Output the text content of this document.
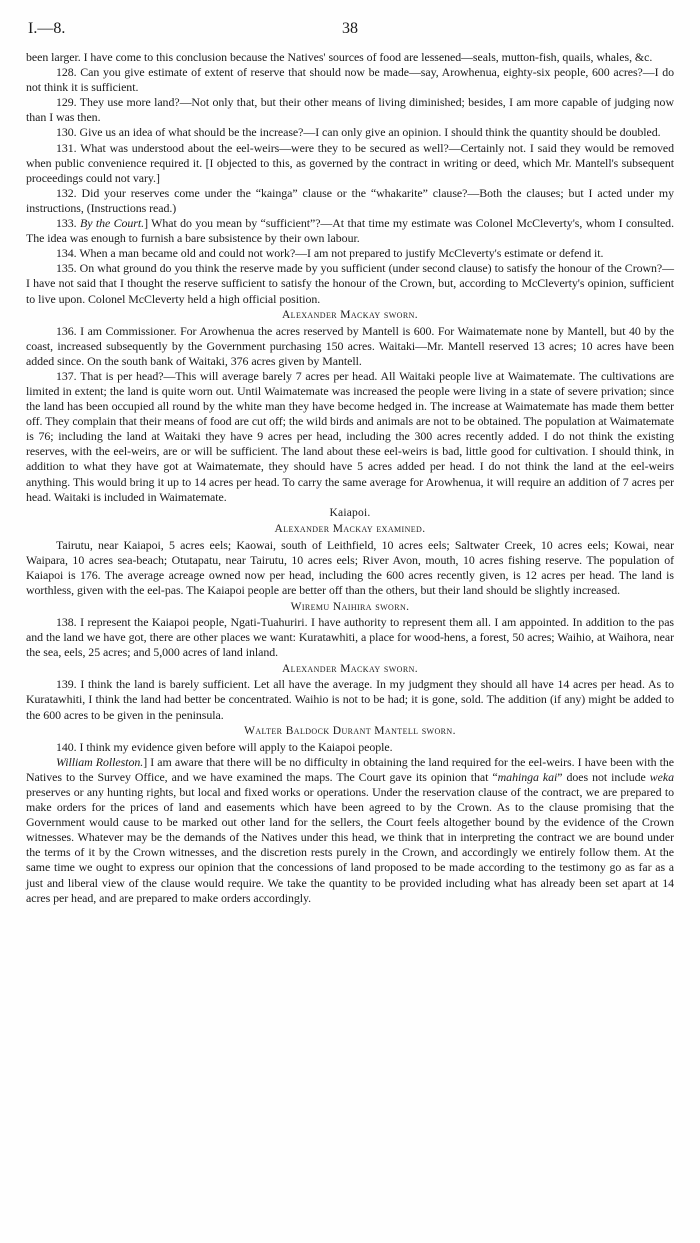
I.—8.	38

been larger. I have come to this conclusion because the Natives' sources of food are lessened—seals, mutton-fish, quails, whales, &c.

128. Can you give estimate of extent of reserve that should now be made—say, Arowhenua, eighty-six people, 600 acres?—I do not think it is sufficient.

129. They use more land?—Not only that, but their other means of living diminished; besides, I am more capable of judging now than I was then.

130. Give us an idea of what should be the increase?—I can only give an opinion. I should think the quantity should be doubled.

131. What was understood about the eel-weirs—were they to be secured as well?—Certainly not. I said they would be removed when public convenience required it. [I objected to this, as governed by the contract in writing or deed, which Mr. Mantell's subsequent proceedings could not vary.]

132. Did your reserves come under the “kainga” clause or the “whakarite” clause?—Both the clauses; but I acted under my instructions, (Instructions read.)

133. By the Court.] What do you mean by “sufficient”?—At that time my estimate was Colonel McCleverty's, whom I consulted. The idea was enough to furnish a bare subsistence by their own labour.

134. When a man became old and could not work?—I am not prepared to justify McCleverty's estimate or defend it.

135. On what ground do you think the reserve made by you sufficient (under second clause) to satisfy the honour of the Crown?—I have not said that I thought the reserve sufficient to satisfy the honour of the Crown, but, according to McCleverty's opinion, sufficient to live upon. Colonel McCleverty held a high official position.

Alexander Mackay sworn.

136. I am Commissioner. For Arowhenua the acres reserved by Mantell is 600. For Waimatemate none by Mantell, but 40 by the coast, increased subsequently by the Government purchasing 150 acres. Waitaki—Mr. Mantell reserved 13 acres; 10 acres have been added since. On the south bank of Waitaki, 376 acres given by Mantell.

137. That is per head?—This will average barely 7 acres per head. All Waitaki people live at Waimatemate. The cultivations are limited in extent; the land is quite worn out. Until Waimatemate was increased the people were living in a state of severe privation; since the land has been occupied all round by the white man they have become hedged in. The increase at Waimatemate has made them better off. They complain that their means of food are cut off; the wild birds and animals are not to be obtained. The population at Waimatemate is 76; including the land at Waitaki they have 9 acres per head, including the 300 acres recently added. I do not think the existing reserves, with the eel-weirs, are or will be sufficient. The land about these eel-weirs is bad, little good for cultivation. I should think, in addition to what they have got at Waimatemate, they should have 5 acres added per head. I do not think the land at the eel-weirs anything. This would bring it up to 14 acres per head. To carry the same average for Arowhenua, it will require an addition of 7 acres per head. Waitaki is included in Waimatemate.

Kaiapoi.
Alexander Mackay examined.

Tairutu, near Kaiapoi, 5 acres eels; Kaowai, south of Leithfield, 10 acres eels; Saltwater Creek, 10 acres eels; Kowai, near Waipara, 10 acres sea-beach; Otutapatu, near Tairutu, 10 acres eels; River Avon, mouth, 10 acres fishing reserve. The population of Kaiapoi is 176. The average acreage owned now per head, including the 600 acres recently given, is 12 acres per head. The land is worthless, given with the eel-pas. The Kaiapoi people are better off than the others, but their land should be slightly increased.

Wiremu Naihira sworn.

138. I represent the Kaiapoi people, Ngati-Tuahuriri. I have authority to represent them all. I am appointed. In addition to the pas and the land we have got, there are other places we want: Kuratawhiti, a place for wood-hens, a forest, 50 acres; Waihio, at Waihora, near the sea, eels, 25 acres; and 5,000 acres of land inland.

Alexander Mackay sworn.

139. I think the land is barely sufficient. Let all have the average. In my judgment they should all have 14 acres per head. As to Kuratawhiti, I think the land had better be concentrated. Waihio is not to be had; it is gone, sold. The addition (if any) might be added to the 600 acres to be given in the peninsula.

Walter Baldock Durant Mantell sworn.

140. I think my evidence given before will apply to the Kaiapoi people.

William Rolleston.] I am aware that there will be no difficulty in obtaining the land required for the eel-weirs. I have been with the Natives to the Survey Office, and we have examined the maps. The Court gave its opinion that “mahinga kai” does not include weka preserves or any hunting rights, but local and fixed works or operations. Under the reservation clause of the contract, we are prepared to make orders for the prices of land and easements which have been agreed to by the Crown. As to the clause promising that the Government would cause to be marked out other land for the sellers, the Court feels altogether bound by the evidence of the Crown witnesses. Whatever may be the demands of the Natives under this head, we think that in interpreting the contract we are bound under the terms of it by the Crown witnesses, and the discretion rests purely in the Crown, and accordingly we entirely follow them. At the same time we ought to express our opinion that the concessions of land proposed to be made according to the testimony go as far as a just and liberal view of the clause would require. We take the quantity to be provided including what has already been set apart at 14 acres per head, and are prepared to make orders accordingly.
